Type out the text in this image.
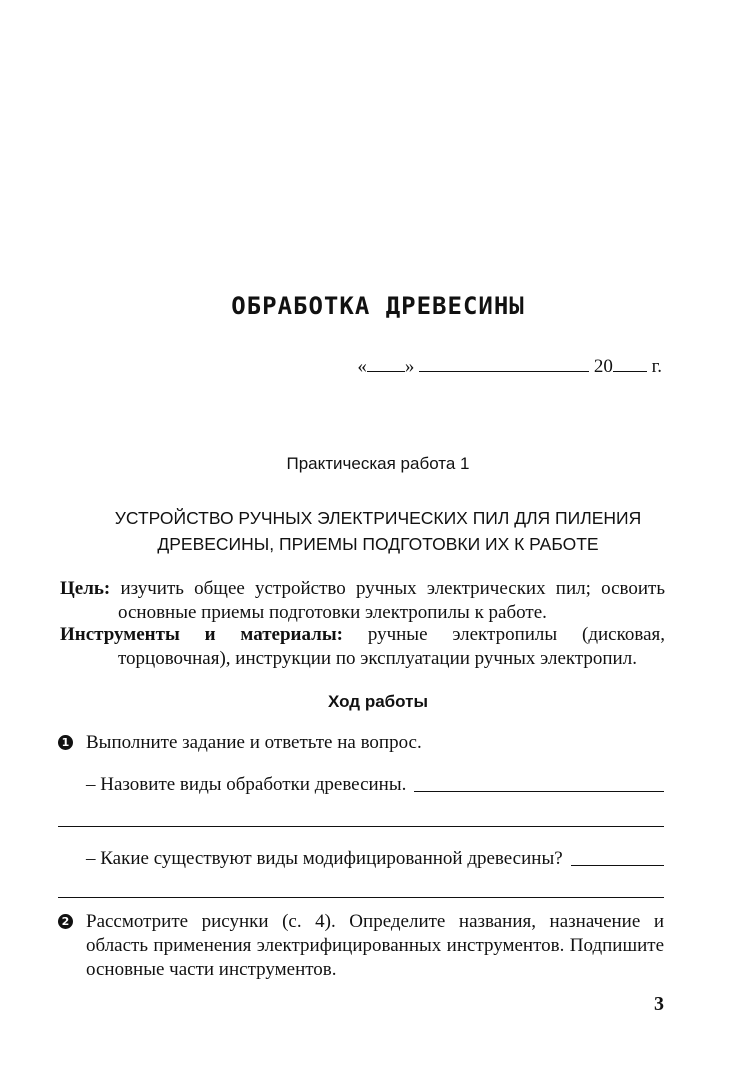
ОБРАБОТКА ДРЕВЕСИНЫ
« »	20 г.
Практическая работа 1
УСТРОЙСТВО РУЧНЫХ ЭЛЕКТРИЧЕСКИХ ПИЛ ДЛЯ ПИЛЕНИЯ
ДРЕВЕСИНЫ, ПРИЕМЫ ПОДГОТОВКИ ИХ К РАБОТЕ
Цель: изучить общее устройство ручных электрических пил; освоить основные приемы подготовки электропилы к работе.
Инструменты и материалы: ручные электропилы (дисковая, торцовочная), инструкции по эксплуатации ручных электропил.
Ход работы
1 Выполните задание и ответьте на вопрос.
– Назовите виды обработки древесины.
– Какие существуют виды модифицированной древесины?
2 Рассмотрите рисунки (с. 4). Определите названия, назначение и область применения электрифицированных инструментов. Подпишите основные части инструментов.
3
